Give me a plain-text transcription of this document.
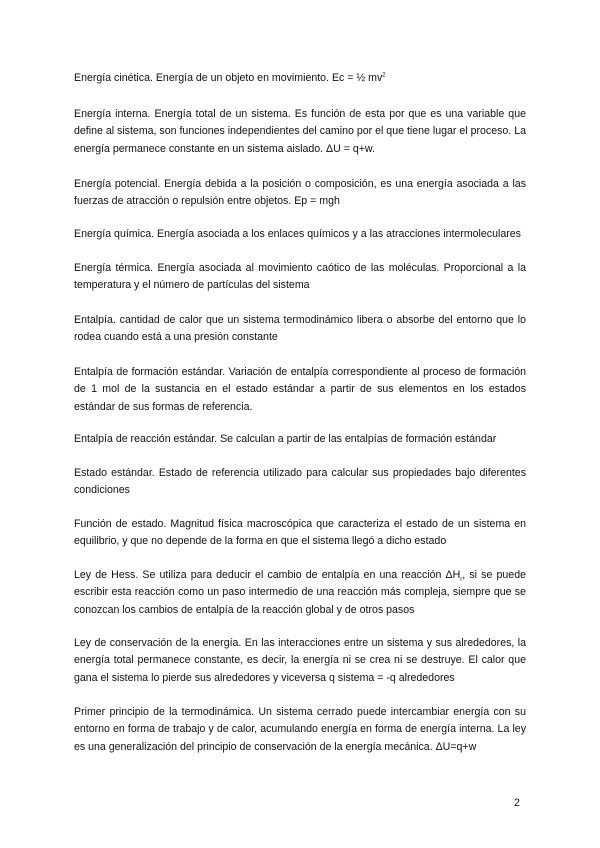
Energía cinética. Energía de un objeto en movimiento. Ec = ½ $mv^2$

Energía interna. Energía total de un sistema. Es función de esta por que es una variable que define al sistema, son funciones independientes del camino por el que tiene lugar el proceso. La energía permanece constante en un sistema aislado. ΔU = q+w.

Energía potencial. Energía debida a la posición o composición, es una energía asociada a las fuerzas de atracción o repulsión entre objetos. Ep = mgh

Energía química. Energía asociada a los enlaces químicos y a las atracciones intermoleculares

Energía térmica. Energía asociada al movimiento caótico de las moléculas. Proporcional a la temperatura y el número de partículas del sistema

Entalpía. cantidad de calor que un sistema termodinámico libera o absorbe del entorno que lo rodea cuando está a una presión constante

Entalpía de formación estándar. Variación de entalpía correspondiente al proceso de formación de 1 mol de la sustancia en el estado estándar a partir de sus elementos en los estados estándar de sus formas de referencia.

Entalpía de reacción estándar. Se calculan a partir de las entalpías de formación estándar

Estado estándar. Estado de referencia utilizado para calcular sus propiedades bajo diferentes condiciones

Función de estado. Magnitud física macroscópica que caracteriza el estado de un sistema en equilibrio, y que no depende de la forma en que el sistema llegó a dicho estado

Ley de Hess. Se utiliza para deducir el cambio de entalpía en una reacción $\Delta H_r$, si se puede escribir esta reacción como un paso intermedio de una reacción más compleja, siempre que se conozcan los cambios de entalpía de la reacción global y de otros pasos

Ley de conservación de la energía. En las interacciones entre un sistema y sus alrededores, la energía total permanece constante, es decir, la energía ni se crea ni se destruye. El calor que gana el sistema lo pierde sus alrededores y viceversa q sistema = -q alrededores

Primer principio de la termodinámica. Un sistema cerrado puede intercambiar energía con su entorno en forma de trabajo y de calor, acumulando energía en forma de energía interna. La ley es una generalización del principio de conservación de la energía mecánica. ΔU=q+w

2
